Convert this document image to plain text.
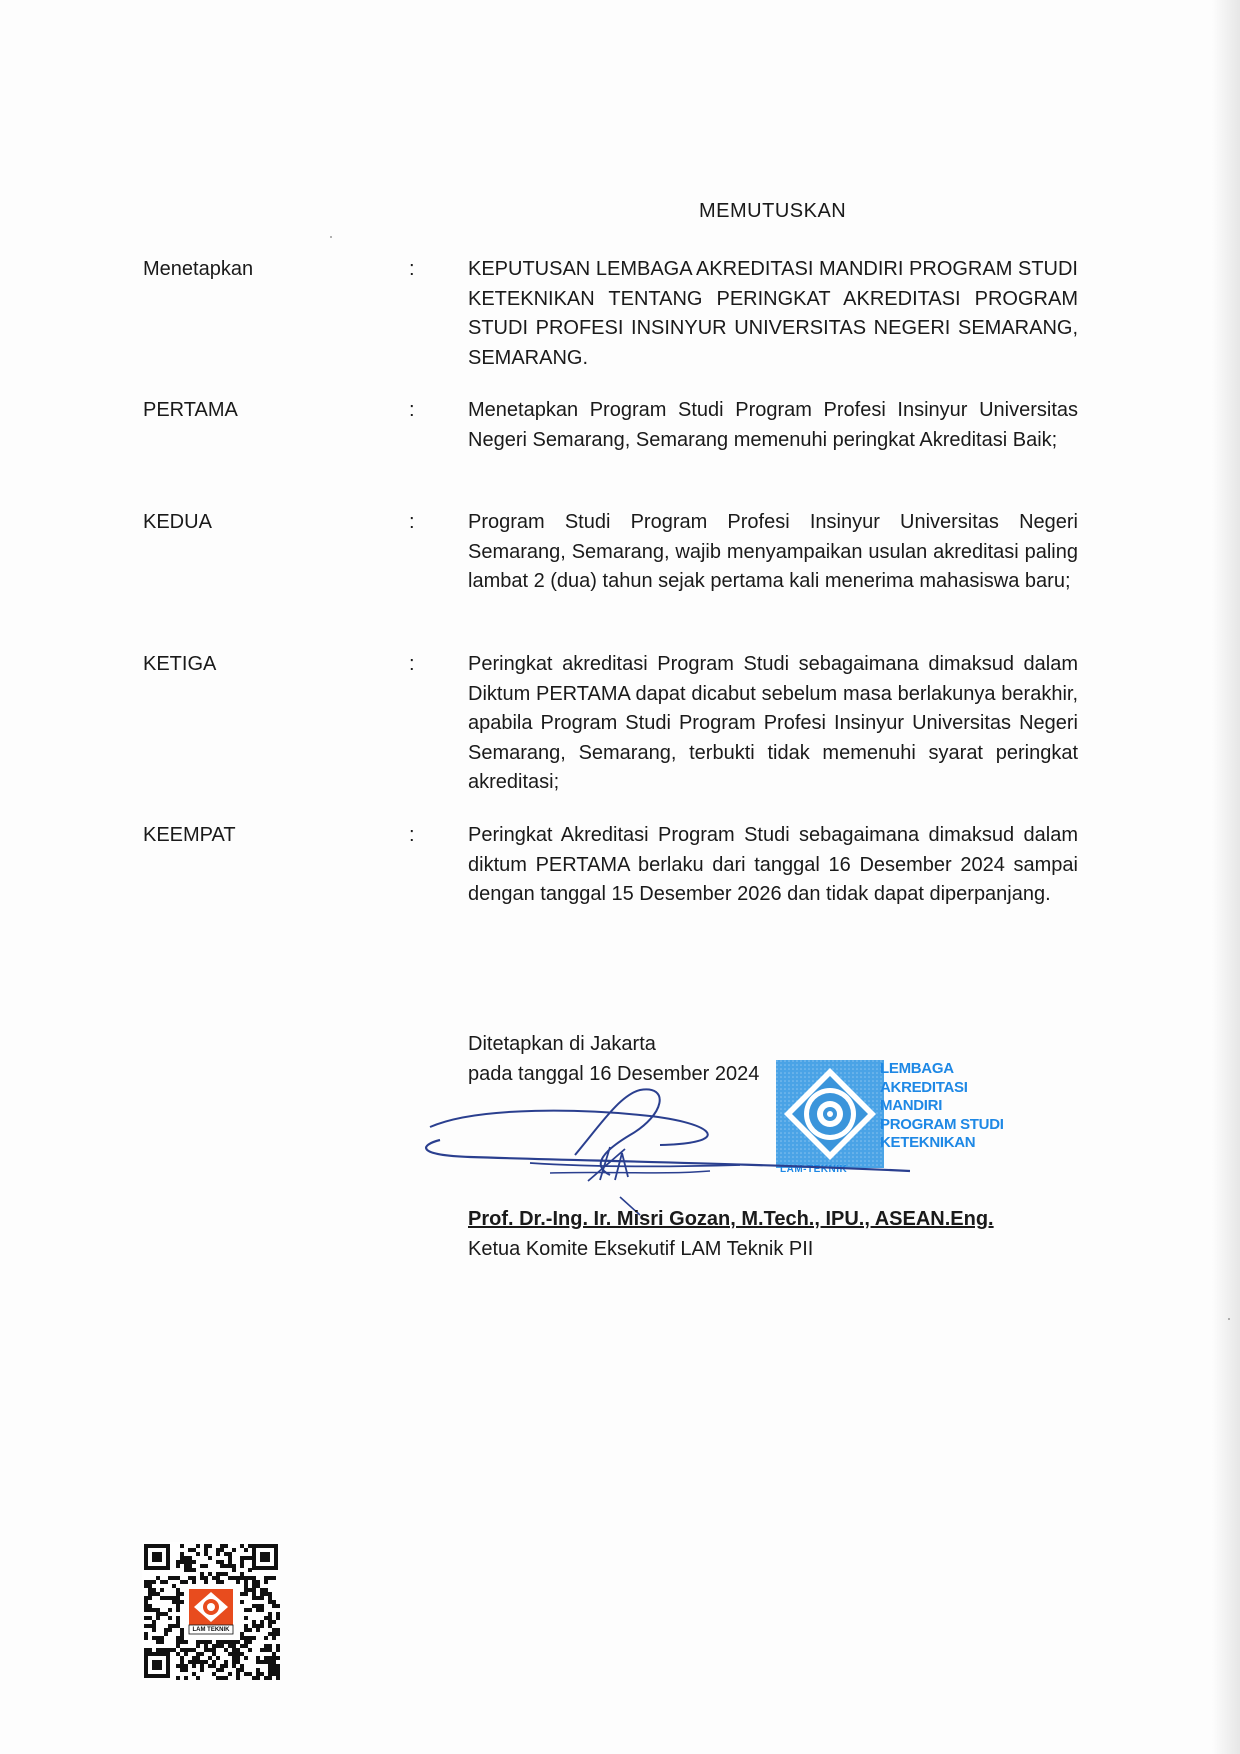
MEMUTUSKAN
Menetapkan	:	KEPUTUSAN LEMBAGA AKREDITASI MANDIRI PROGRAM STUDI KETEKNIKAN TENTANG PERINGKAT AKREDITASI PROGRAM STUDI PROFESI INSINYUR UNIVERSITAS NEGERI SEMARANG, SEMARANG.
PERTAMA	:	Menetapkan Program Studi Program Profesi Insinyur Universitas Negeri Semarang, Semarang memenuhi peringkat Akreditasi Baik;
KEDUA	:	Program Studi Program Profesi Insinyur Universitas Negeri Semarang, Semarang, wajib menyampaikan usulan akreditasi paling lambat 2 (dua) tahun sejak pertama kali menerima mahasiswa baru;
KETIGA	:	Peringkat akreditasi Program Studi sebagaimana dimaksud dalam Diktum PERTAMA dapat dicabut sebelum masa berlakunya berakhir, apabila Program Studi Program Profesi Insinyur Universitas Negeri Semarang, Semarang, terbukti tidak memenuhi syarat peringkat akreditasi;
KEEMPAT	:	Peringkat Akreditasi Program Studi sebagaimana dimaksud dalam diktum PERTAMA berlaku dari tanggal 16 Desember 2024 sampai dengan tanggal 15 Desember 2026 dan tidak dapat diperpanjang.
Ditetapkan di Jakarta
pada tanggal 16 Desember 2024	LEMBAGA
AKREDITASI
MANDIRI
PROGRAM STUDI
KETEKNIKAN
LAM-TEKNIK
Prof. Dr.-Ing. Ir. Misri Gozan, M.Tech., IPU., ASEAN.Eng.
Ketua Komite Eksekutif LAM Teknik PII
LAM TEKNIK
